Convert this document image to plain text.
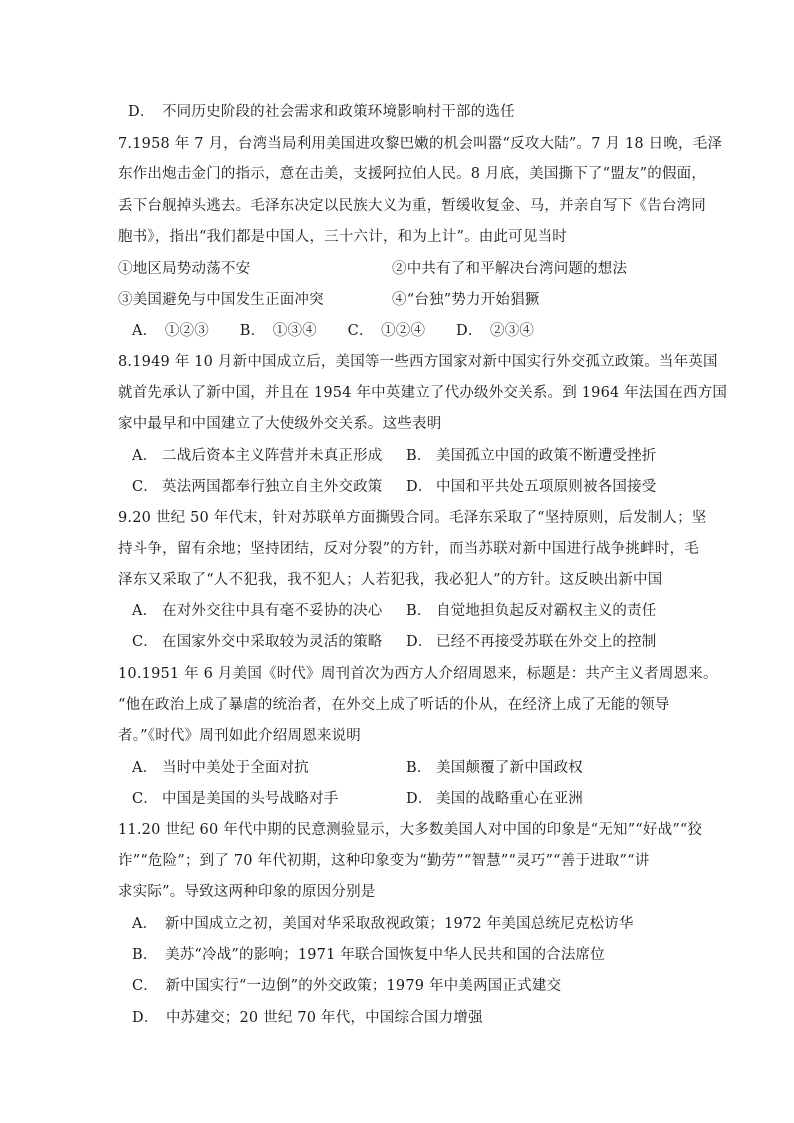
D．　不同历史阶段的社会需求和政策环境影响村干部的选任
7.1958 年 7 月，台湾当局利用美国进攻黎巴嫩的机会叫嚣“反攻大陆”。7 月 18 日晚，毛泽
东作出炮击金门的指示，意在击美，支援阿拉伯人民。8 月底，美国撕下了“盟友”的假面，
丢下台舰掉头逃去。毛泽东决定以民族大义为重，暂缓收复金、马，并亲自写下《告台湾同
胞书》，指出“我们都是中国人，三十六计，和为上计”。由此可见当时
①地区局势动荡不安	②中共有了和平解决台湾问题的想法
③美国避免与中国发生正面冲突	④“台独”势力开始猖獗
A．　①②③ B．　①③④ C．　①②④ D．　②③④
8.1949 年 10 月新中国成立后，美国等一些西方国家对新中国实行外交孤立政策。当年英国
就首先承认了新中国，并且在 1954 年中英建立了代办级外交关系。到 1964 年法国在西方国
家中最早和中国建立了大使级外交关系。这些表明
A． 二战后资本主义阵营并未真正形成 B． 美国孤立中国的政策不断遭受挫折
C． 英法两国都奉行独立自主外交政策 D． 中国和平共处五项原则被各国接受
9.20 世纪 50 年代末，针对苏联单方面撕毁合同。毛泽东采取了“坚持原则，后发制人；坚
持斗争，留有余地；坚持团结，反对分裂”的方针，而当苏联对新中国进行战争挑衅时，毛
泽东又采取了“人不犯我，我不犯人；人若犯我，我必犯人”的方针。这反映出新中国
A． 在对外交往中具有毫不妥协的决心 B． 自觉地担负起反对霸权主义的责任
C． 在国家外交中采取较为灵活的策略 D． 已经不再接受苏联在外交上的控制
10.1951 年 6 月美国《时代》周刊首次为西方人介绍周恩来，标题是：共产主义者周恩来。
“他在政治上成了暴虐的统治者，在外交上成了听话的仆从，在经济上成了无能的领导
者。”《时代》周刊如此介绍周恩来说明
A． 当时中美处于全面对抗	B． 美国颠覆了新中国政权
C． 中国是美国的头号战略对手	D． 美国的战略重心在亚洲
11.20 世纪 60 年代中期的民意测验显示，大多数美国人对中国的印象是“无知”“好战”“狡
诈”“危险”；到了 70 年代初期，这种印象变为“勤劳”“智慧”“灵巧”“善于进取”“讲
求实际”。导致这两种印象的原因分别是
A．　新中国成立之初，美国对华采取敌视政策；1972 年美国总统尼克松访华
B．　美苏“冷战”的影响；1971 年联合国恢复中华人民共和国的合法席位
C．　新中国实行“一边倒”的外交政策；1979 年中美两国正式建交
D．　中苏建交；20 世纪 70 年代，中国综合国力增强
